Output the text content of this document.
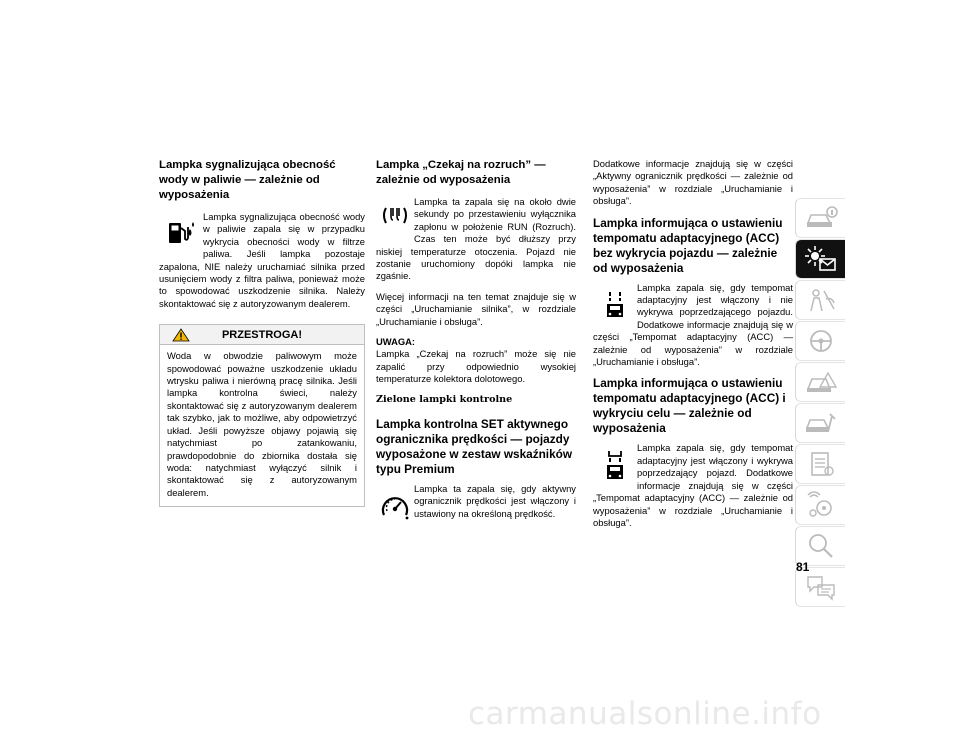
Lampka sygnalizująca obecność wody w paliwie — zależnie od wyposażenia

Lampka sygnalizująca obecność wody w paliwie zapala się w przypadku wykrycia obecności wody w filtrze paliwa. Jeśli lampka pozostaje zapalona, NIE należy uruchamiać silnika przed usunięciem wody z filtra paliwa, ponieważ może to spowodować uszkodzenie silnika. Należy skontaktować się z autoryzowanym dealerem.

PRZESTROGA!
Woda w obwodzie paliwowym może spowodować poważne uszkodzenie układu wtrysku paliwa i nierówną pracę silnika. Jeśli lampka kontrolna świeci, należy skontaktować się z autoryzowanym dealerem tak szybko, jak to możliwe, aby odpowietrzyć układ. Jeśli powyższe objawy pojawią się natychmiast po zatankowaniu, prawdopodobnie do zbiornika dostała się woda: natychmiast wyłączyć silnik i skontaktować się z autoryzowanym dealerem.
Lampka „Czekaj na rozruch” — zależnie od wyposażenia

Lampka ta zapala się na około dwie sekundy po przestawieniu wyłącznika zapłonu w położenie RUN (Rozruch). Czas ten może być dłuższy przy niskiej temperaturze otoczenia. Pojazd nie zostanie uruchomiony dopóki lampka nie zgaśnie.

Więcej informacji na ten temat znajduje się w części „Uruchamianie silnika”, w rozdziale „Uruchamianie i obsługa”.

UWAGA:
Lampka „Czekaj na rozruch” może się nie zapalić przy odpowiednio wysokiej temperaturze kolektora dolotowego.

Zielone lampki kontrolne
Lampka kontrolna SET aktywnego ogranicznika prędkości — pojazdy wyposażone w zestaw wskaźników typu Premium

Lampka ta zapala się, gdy aktywny ogranicznik prędkości jest włączony i ustawiony na określoną prędkość.

Dodatkowe informacje znajdują się w części „Aktywny ogranicznik prędkości — zależnie od wyposażenia” w rozdziale „Uruchamianie i obsługa”.

Lampka informująca o ustawieniu tempomatu adaptacyjnego (ACC) bez wykrycia pojazdu — zależnie od wyposażenia

Lampka zapala się, gdy tempomat adaptacyjny jest włączony i nie wykrywa poprzedzającego pojazdu. Dodatkowe informacje znajdują się w części „Tempomat adaptacyjny (ACC) — zależnie od wyposażenia” w rozdziale „Uruchamianie i obsługa”.

Lampka informująca o ustawieniu tempomatu adaptacyjnego (ACC) i wykryciu celu — zależnie od wyposażenia

Lampka zapala się, gdy tempomat adaptacyjny jest włączony i wykrywa poprzedzający pojazd. Dodatkowe informacje znajdują się w części „Tempomat adaptacyjny (ACC) — zależnie od wyposażenia” w rozdziale „Uruchamianie i obsługa”.

81
carmanualsonline.info
